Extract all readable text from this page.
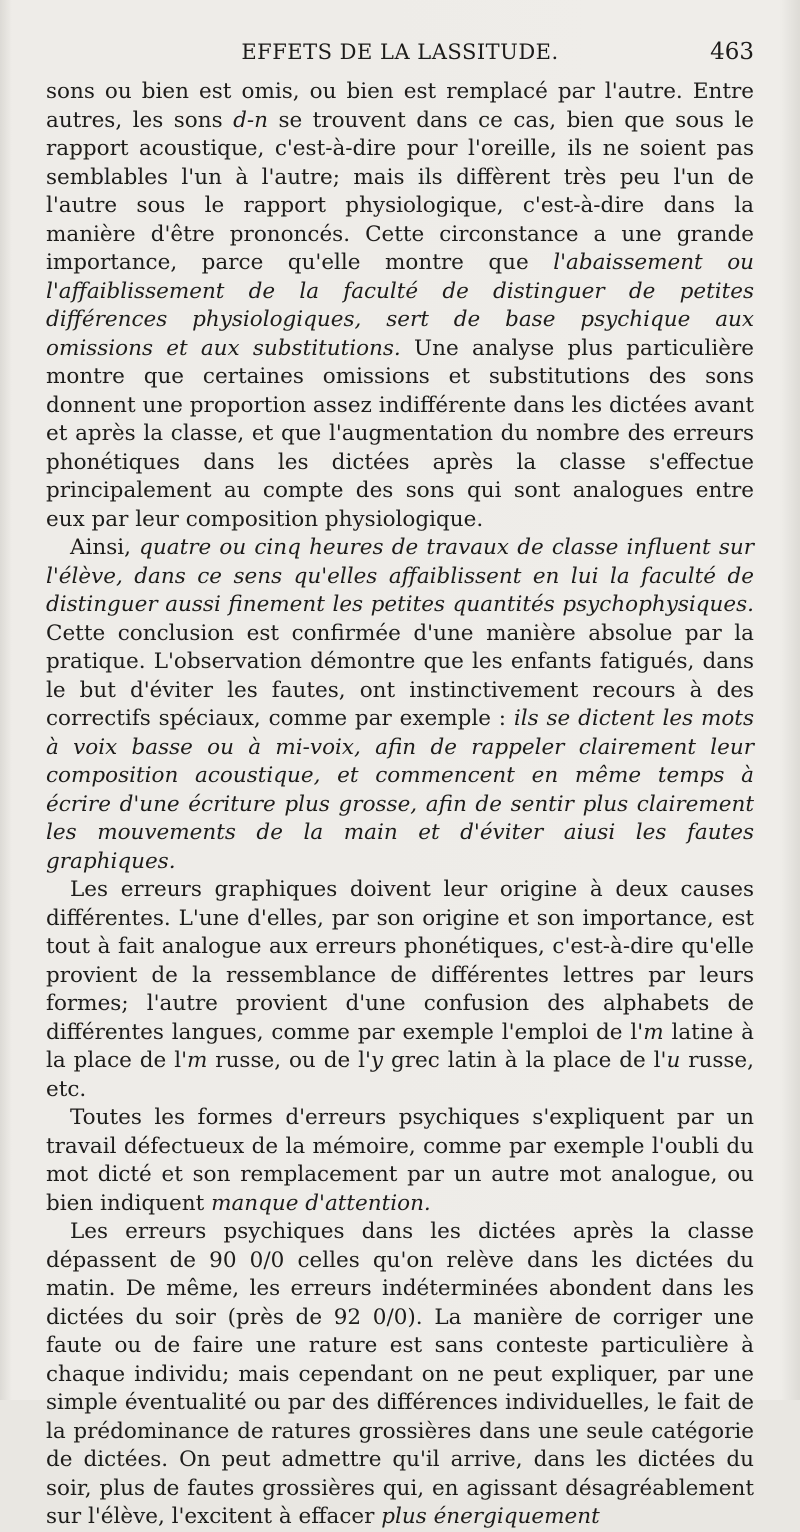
EFFETS DE LA LASSITUDE.	463

sons ou bien est omis, ou bien est remplacé par l'autre. Entre autres, les sons d-n se trouvent dans ce cas, bien que sous le rapport acoustique, c'est-à-dire pour l'oreille, ils ne soient pas semblables l'un à l'autre; mais ils diffèrent très peu l'un de l'autre sous le rapport physiologique, c'est-à-dire dans la manière d'être prononcés. Cette circonstance a une grande importance, parce qu'elle montre que l'abaissement ou l'affaiblissement de la faculté de distinguer de petites différences physiologiques, sert de base psychique aux omissions et aux substitutions. Une analyse plus particulière montre que certaines omissions et substitutions des sons donnent une proportion assez indifférente dans les dictées avant et après la classe, et que l'augmentation du nombre des erreurs phonétiques dans les dictées après la classe s'effectue principalement au compte des sons qui sont analogues entre eux par leur composition physiologique.

Ainsi, quatre ou cinq heures de travaux de classe influent sur l'élève, dans ce sens qu'elles affaiblissent en lui la faculté de distinguer aussi finement les petites quantités psychophysiques. Cette conclusion est confirmée d'une manière absolue par la pratique. L'observation démontre que les enfants fatigués, dans le but d'éviter les fautes, ont instinctivement recours à des correctifs spéciaux, comme par exemple : ils se dictent les mots à voix basse ou à mi-voix, afin de rappeler clairement leur composition acoustique, et commencent en même temps à écrire d'une écriture plus grosse, afin de sentir plus clairement les mouvements de la main et d'éviter aiusi les fautes graphiques.

Les erreurs graphiques doivent leur origine à deux causes différentes. L'une d'elles, par son origine et son importance, est tout à fait analogue aux erreurs phonétiques, c'est-à-dire qu'elle provient de la ressemblance de différentes lettres par leurs formes; l'autre provient d'une confusion des alphabets de différentes langues, comme par exemple l'emploi de l'm latine à la place de l'm russe, ou de l'y grec latin à la place de l'u russe, etc.

Toutes les formes d'erreurs psychiques s'expliquent par un travail défectueux de la mémoire, comme par exemple l'oubli du mot dicté et son remplacement par un autre mot analogue, ou bien indiquent manque d'attention.

Les erreurs psychiques dans les dictées après la classe dépassent de 90 0/0 celles qu'on relève dans les dictées du matin. De même, les erreurs indéterminées abondent dans les dictées du soir (près de 92 0/0). La manière de corriger une faute ou de faire une rature est sans conteste particulière à chaque individu; mais cependant on ne peut expliquer, par une simple éventualité ou par des différences individuelles, le fait de la prédominance de ratures grossières dans une seule catégorie de dictées. On peut admettre qu'il arrive, dans les dictées du soir, plus de fautes grossières qui, en agissant désagréablement sur l'élève, l'excitent à effacer plus énergiquement
